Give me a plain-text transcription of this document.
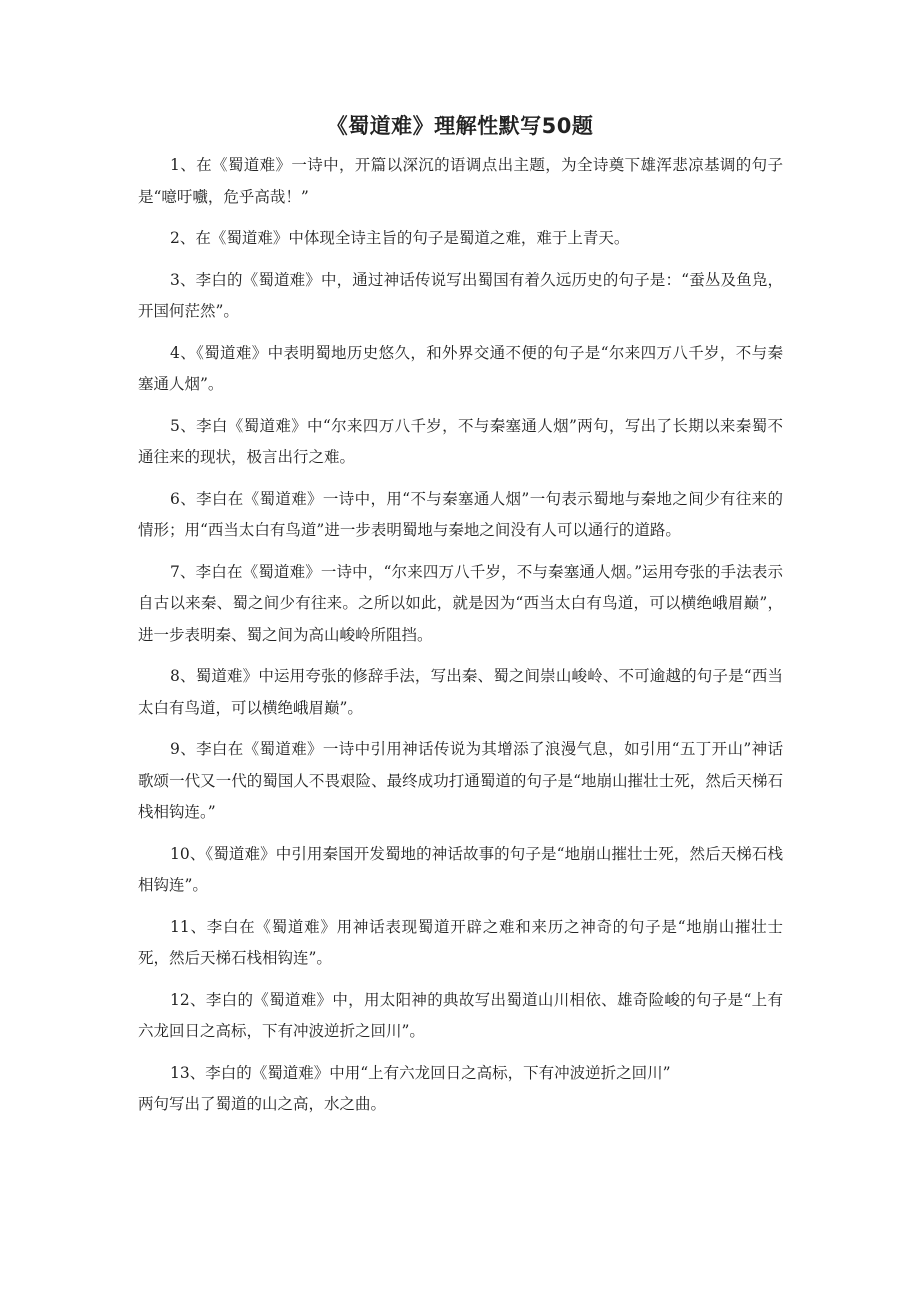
《蜀道难》理解性默写50题

1、在《蜀道难》一诗中，开篇以深沉的语调点出主题，为全诗奠下雄浑悲凉基调的句子是“噫吁嚱，危乎高哉！”

2、在《蜀道难》中体现全诗主旨的句子是蜀道之难，难于上青天。

3、李白的《蜀道难》中，通过神话传说写出蜀国有着久远历史的句子是：“蚕丛及鱼凫，开国何茫然”。

4、《蜀道难》中表明蜀地历史悠久，和外界交通不便的句子是“尔来四万八千岁，不与秦塞通人烟”。

5、李白《蜀道难》中“尔来四万八千岁，不与秦塞通人烟”两句，写出了长期以来秦蜀不通往来的现状，极言出行之难。

6、李白在《蜀道难》一诗中，用“不与秦塞通人烟”一句表示蜀地与秦地之间少有往来的情形；用“西当太白有鸟道”进一步表明蜀地与秦地之间没有人可以通行的道路。

7、李白在《蜀道难》一诗中，“尔来四万八千岁，不与秦塞通人烟。”运用夸张的手法表示自古以来秦、蜀之间少有往来。之所以如此，就是因为“西当太白有鸟道，可以横绝峨眉巅”，进一步表明秦、蜀之间为高山峻岭所阻挡。

8、蜀道难》中运用夸张的修辞手法，写出秦、蜀之间崇山峻岭、不可逾越的句子是“西当太白有鸟道，可以横绝峨眉巅”。

9、李白在《蜀道难》一诗中引用神话传说为其增添了浪漫气息，如引用“五丁开山”神话歌颂一代又一代的蜀国人不畏艰险、最终成功打通蜀道的句子是“地崩山摧壮士死，然后天梯石栈相钩连。”

10、《蜀道难》中引用秦国开发蜀地的神话故事的句子是“地崩山摧壮士死，然后天梯石栈相钩连”。

11、李白在《蜀道难》用神话表现蜀道开辟之难和来历之神奇的句子是“地崩山摧壮士死，然后天梯石栈相钩连”。

12、李白的《蜀道难》中，用太阳神的典故写出蜀道山川相依、雄奇险峻的句子是“上有六龙回日之高标，下有冲波逆折之回川”。

13、李白的《蜀道难》中用“上有六龙回日之高标，下有冲波逆折之回川”

两句写出了蜀道的山之高，水之曲。
